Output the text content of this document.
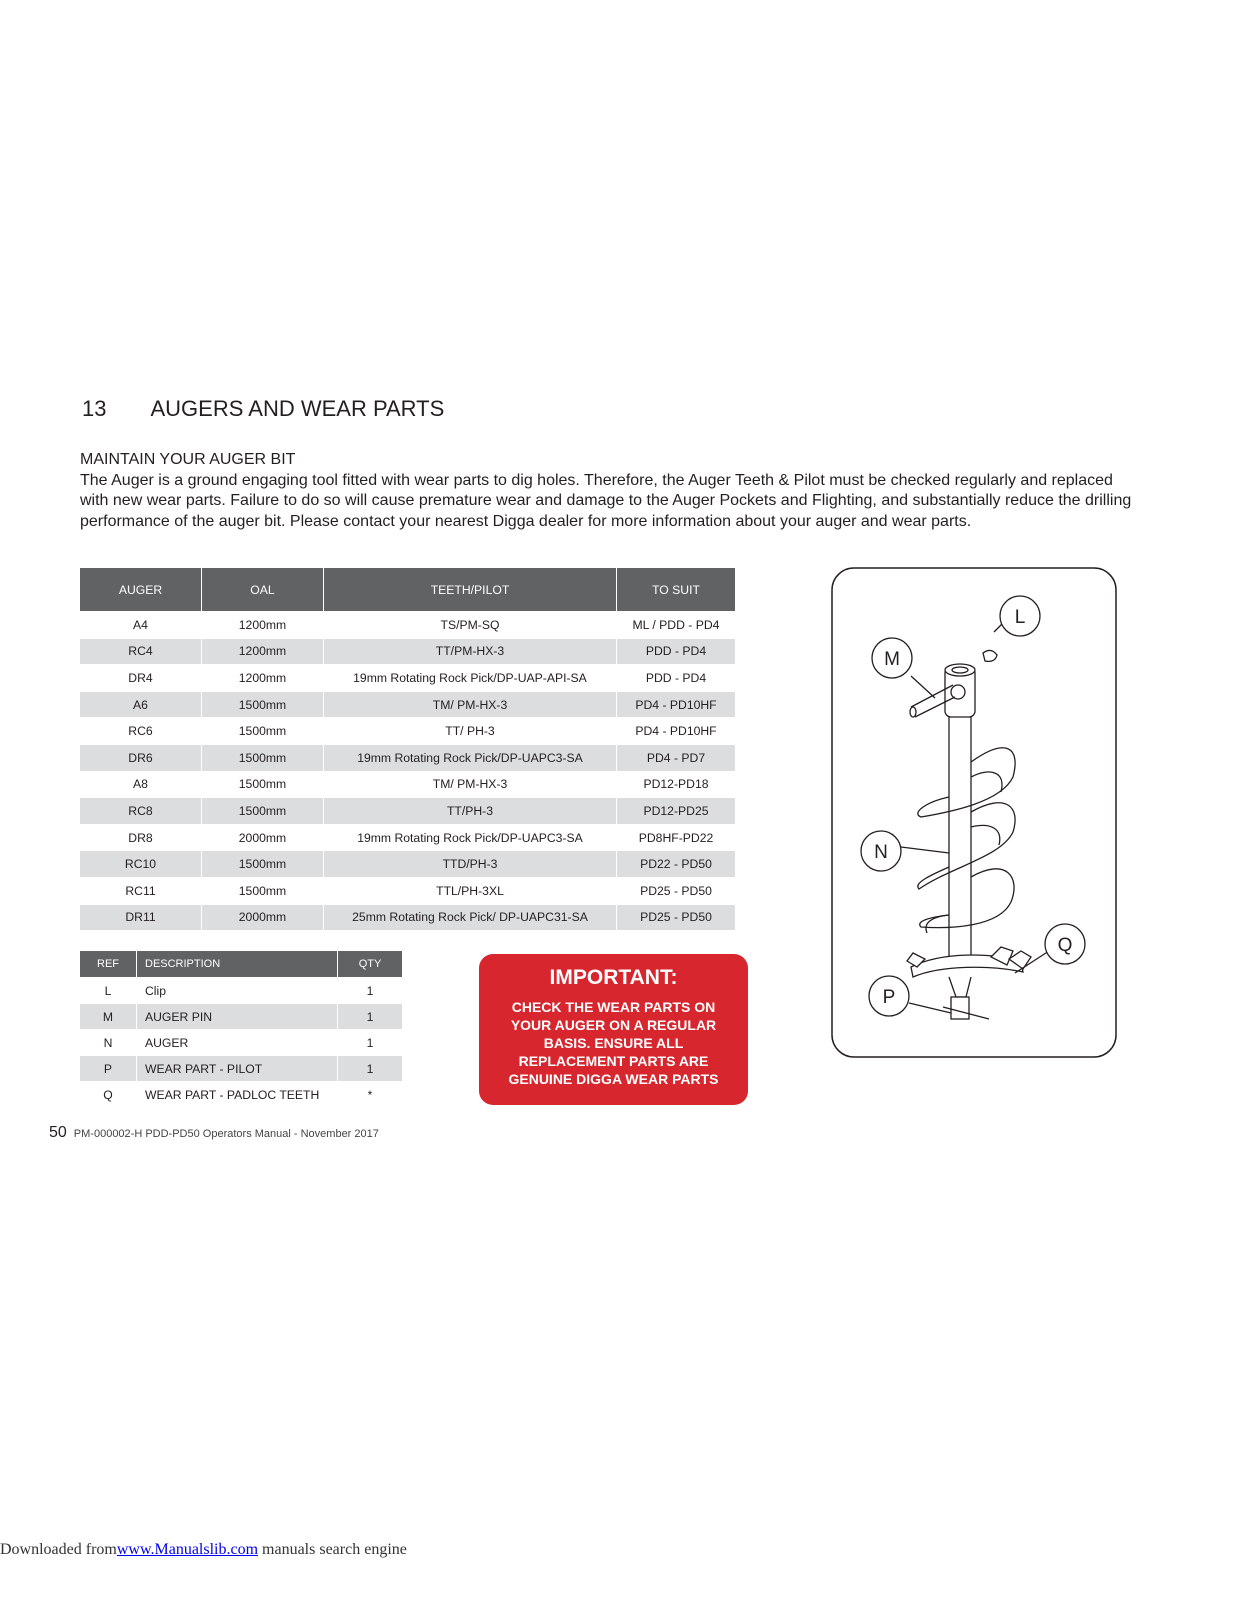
13 AUGERS AND WEAR PARTS
MAINTAIN YOUR AUGER BIT
The Auger is a ground engaging tool fitted with wear parts to dig holes. Therefore, the Auger Teeth & Pilot must be checked regularly and replaced with new wear parts. Failure to do so will cause premature wear and damage to the Auger Pockets and Flighting, and substantially reduce the drilling performance of the auger bit. Please contact your nearest Digga dealer for more information about your auger and wear parts.
AUGER	OAL	TEETH/PILOT	TO SUIT
A4	1200mm	TS/PM-SQ	ML / PDD - PD4
RC4	1200mm	TT/PM-HX-3	PDD - PD4
DR4	1200mm	19mm Rotating Rock Pick/DP-UAP-API-SA	PDD - PD4
A6	1500mm	TM/ PM-HX-3	PD4 - PD10HF
RC6	1500mm	TT/ PH-3	PD4 - PD10HF
DR6	1500mm	19mm Rotating Rock Pick/DP-UAPC3-SA	PD4 - PD7
A8	1500mm	TM/ PM-HX-3	PD12-PD18
RC8	1500mm	TT/PH-3	PD12-PD25
DR8	2000mm	19mm Rotating Rock Pick/DP-UAPC3-SA	PD8HF-PD22
RC10	1500mm	TTD/PH-3	PD22 - PD50
RC11	1500mm	TTL/PH-3XL	PD25 - PD50
DR11	2000mm	25mm Rotating Rock Pick/ DP-UAPC31-SA	PD25 - PD50
REF	DESCRIPTION	QTY
L	Clip	1
M	AUGER PIN	1
N	AUGER	1
P	WEAR PART - PILOT	1
Q	WEAR PART - PADLOC TEETH	*
IMPORTANT:
CHECK THE WEAR PARTS ON YOUR AUGER ON A REGULAR BASIS. ENSURE ALL REPLACEMENT PARTS ARE GENUINE DIGGA WEAR PARTS
L
M
N
Q
P
50 PM-000002-H PDD-PD50 Operators Manual - November 2017
Downloaded fromwww.Manualslib.com manuals search engine
